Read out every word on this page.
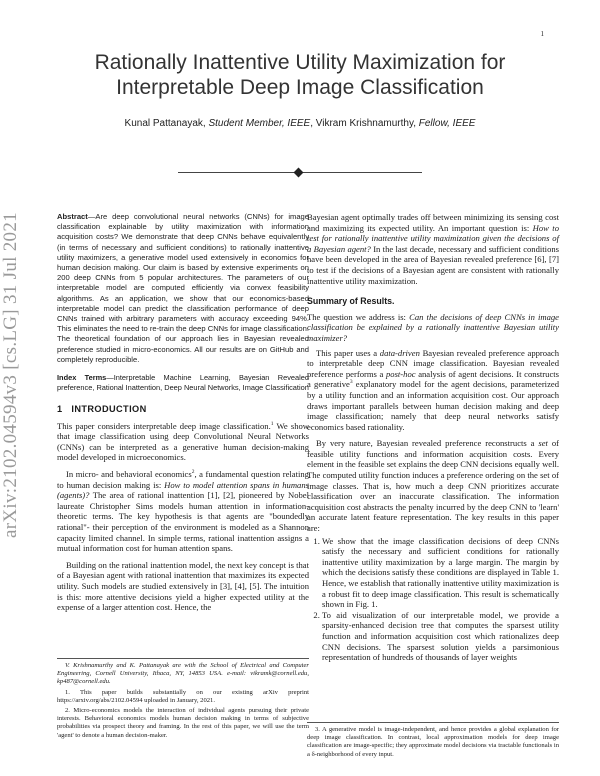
1
Rationally Inattentive Utility Maximization for Interpretable Deep Image Classification
Kunal Pattanayak, Student Member, IEEE, Vikram Krishnamurthy, Fellow, IEEE
arXiv:2102.04594v3 [cs.LG] 31 Jul 2021	Abstract—Are deep convolutional neural networks (CNNs) for image classification explainable by utility maximization with information acquisition costs? We demonstrate that deep CNNs behave equivalently (in terms of necessary and sufficient conditions) to rationally inattentive utility maximizers, a generative model used extensively in economics for human decision making. Our claim is based by extensive experiments on 200 deep CNNs from 5 popular architectures. The parameters of our interpretable model are computed efficiently via convex feasibility algorithms. As an application, we show that our economics-based interpretable model can predict the classification performance of deep CNNs trained with arbitrary parameters with accuracy exceeding 94%. This eliminates the need to re-train the deep CNNs for image classification. The theoretical foundation of our approach lies in Bayesian revealed preference studied in micro-economics. All our results are on GitHub and completely reproducible.
Index Terms—Interpretable Machine Learning, Bayesian Revealed preference, Rational Inattention, Deep Neural Networks, Image Classification
1 INTRODUCTION

This paper considers interpretable deep image classification.$^1$ We show that image classification using deep Convolutional Neural Networks (CNNs) can be interpreted as a generative human decision-making model developed in microeconomics.

In micro- and behavioral economics$^2$, a fundamental question relating to human decision making is: How to model attention spans in humans (agents)? The area of rational inattention [1], [2], pioneered by Nobel laureate Christopher Sims models human attention in information-theoretic terms. The key hypothesis is that agents are "boundedly rational"- their perception of the environment is modeled as a Shannon capacity limited channel. In simple terms, rational inattention assigns a mutual information cost for human attention spans.

Building on the rational inattention model, the next key concept is that of a Bayesian agent with rational inattention that maximizes its expected utility. Such models are studied extensively in [3], [4], [5]. The intuition is this: more attentive decisions yield a higher expected utility at the expense of a larger attention cost. Hence, the

V. Krishnamurthy and K. Pattanayak are with the School of Electrical and Computer Engineering, Cornell University, Ithaca, NY, 14853 USA. e-mail: vikramk@cornell.edu, kp487@cornell.edu.

1. This paper builds substantially on our existing arXiv preprint https://arxiv.org/abs/2102.04594 uploaded in January, 2021.

2. Micro-economics models the interaction of individual agents pursuing their private interests. Behavioral economics models human decision making in terms of subjective probabilities via prospect theory and framing. In the rest of this paper, we will use the term 'agent' to denote a human decision-maker.

Bayesian agent optimally trades off between minimizing its sensing cost and maximizing its expected utility. An important question is: How to test for rationally inattentive utility maximization given the decisions of a Bayesian agent? In the last decade, necessary and sufficient conditions have been developed in the area of Bayesian revealed preference [6], [7] to test if the decisions of a Bayesian agent are consistent with rationally inattentive utility maximization.

Summary of Results.

The question we address is: Can the decisions of deep CNNs in image classification be explained by a rationally inattentive Bayesian utility maximizer?

This paper uses a data-driven Bayesian revealed preference approach to interpretable deep CNN image classification. Bayesian revealed preference performs a post-hoc analysis of agent decisions. It constructs a generative$^3$ explanatory model for the agent decisions, parameterized by a utility function and an information acquisition cost. Our approach draws important parallels between human decision making and deep image classification; namely that deep neural networks satisfy economics based rationality.

By very nature, Bayesian revealed preference reconstructs a set of feasible utility functions and information acquisition costs. Every element in the feasible set explains the deep CNN decisions equally well. The computed utility function induces a preference ordering on the set of image classes. That is, how much a deep CNN prioritizes accurate classification over an inaccurate classification. The information acquisition cost abstracts the penalty incurred by the deep CNN to 'learn' an accurate latent feature representation. The key results in this paper are:

1. We show that the image classification decisions of deep CNNs satisfy the necessary and sufficient conditions for rationally inattentive utility maximization by a large margin. The margin by which the decisions satisfy these conditions are displayed in Table 1. Hence, we establish that rationally inattentive utility maximization is a robust fit to deep image classification. This result is schematically shown in Fig. 1.
2. To aid visualization of our interpretable model, we provide a sparsity-enhanced decision tree that computes the sparsest utility function and information acquisition cost which rationalizes deep CNN decisions. The sparsest solution yields a parsimonious representation of hundreds of thousands of layer weights

3. A generative model is image-independent, and hence provides a global explanation for deep image classification. In contrast, local approximation models for deep image classification are image-specific; they approximate model decisions via tractable functionals in a δ-neighborhood of every input.
